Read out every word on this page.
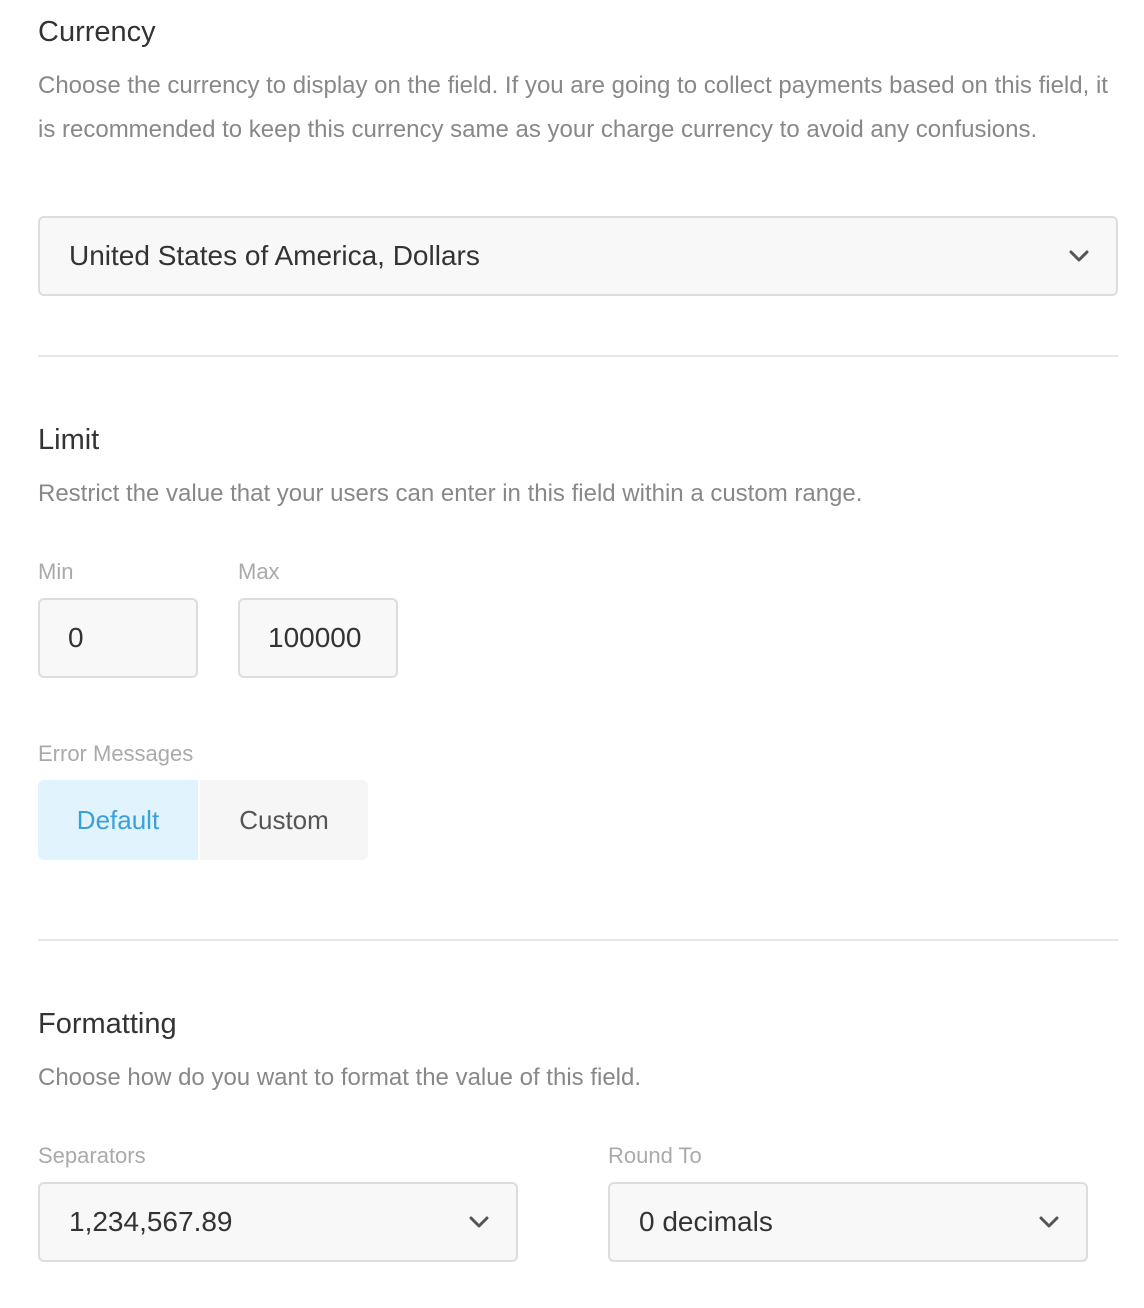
Currency

Choose the currency to display on the field. If you are going to collect payments based on this field, it is recommended to keep this currency same as your charge currency to avoid any confusions.

United States of America, Dollars
Limit

Restrict the value that your users can enter in this field within a custom range.

Min	Max
0	100000
Error Messages
Default	Custom
Formatting

Choose how do you want to format the value of this field.

Separators	Round To
1,234,567.89	0 decimals
